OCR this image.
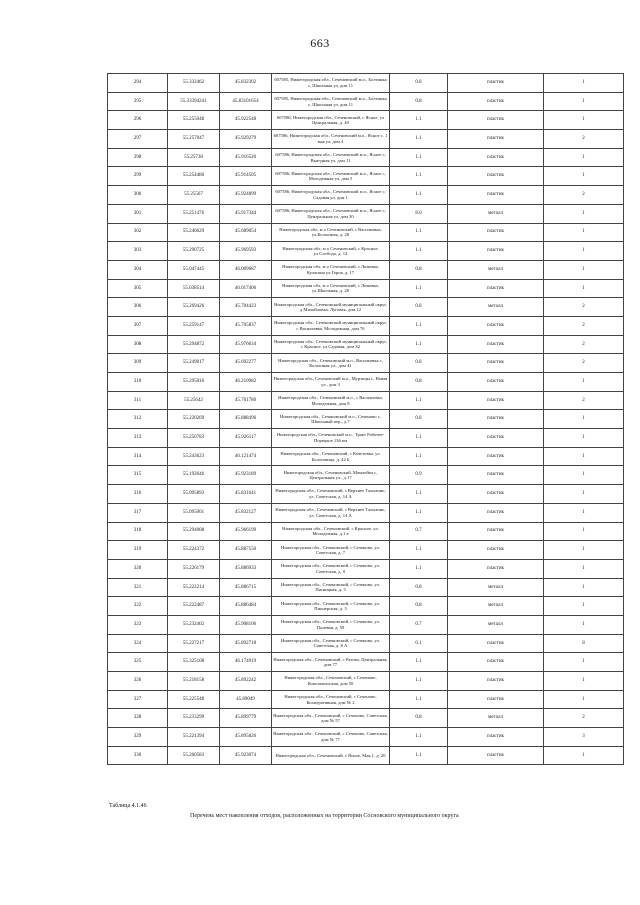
663
294	55.332462	45.832302	607585, Нижегородская обл., Сеченовский м.о., Болтинка с, Школьная ул, дом 11	0.8	пластик	1
295	55.33394241	45.83101654	607585, Нижегородская обл., Сеченовский м.о., Болтинка с, Школьная ул, дом 11	0.8	пластик	1
296	55.255048	45.922548	607586, Нижегородская обл., Сеченовский, с Ясное, ул Центральная, д. 40	1.1	пластик	1
297	55.257047	45.929279	607586, Нижегородская обл., Сеченовский м.о., Ясное с. 1 мая ул, дом 4	1.1	пластик	2
298	55.25738	45.916526	607586, Нижегородская обл., Сеченовский м.о., Ясное с, Выездная ул, дом 11	1.1	пластик	1
299	55.254486	45.914505	607586, Нижегородская обл., Сеченовский м.о., Ясное с, Молодежная ул, дом 5	1.1	пластик	1
300	55.25567	45.924899	607586, Нижегородская обл., Сеченовский м.о., Ясное с, Садовая ул, дом 1	1.1	пластик	2
301	55.251476	45.917344	607586, Нижегородская обл., Сеченовский м.о., Ясное с, Центральная ул, дом 30	8.0	металл	1
302	55.246629	45.689054	Нижегородская обл, м.о Сеченовский, с Васильевка, ул.Колхозная, д. 28	1.1	пластик	1
303	55.290725	45.969593	Нижегородская обл, м.о Сеченовский, с Красное, ул.Слобода, д. 14	1.1	пластик	1
304	55.047445	46.009687	Нижегородская обл, м.о Сеченовский, с Липовка, Кулагина ул Героя, д. 17	0.8	металл	1
305	55.038514	46.017406	Нижегородская обл, м.о Сеченовский, с Липовка, ул.Школьная, д. 28	1.1	пластик	1
306	55.269426	45.704423	Нижегородская обл., Сеченовский муниципальный округ, д Михайловка, Луговая, дом 12	0.8	металл	2
307	55.259147	45.705837	Нижегородская обл., Сеченовский муниципальный округ, с Васильевка, Молодежная, дом 76	1.1	пластик	2
308	55.294872	45.976634	Нижегородская обл., Сеченовский муниципальный округ, с Красное, ул.Садовая, дом 32	1.1	пластик	2
309	55.249017	45.692277	Нижегородская обл., Сеченовский м.о., Васильевка с, Колхозная ул., дом 41	0.8	пластик	2
310	55.295016	46.210982	Нижегородская обл., Сеченовский м.о., Мурзицы с, Новая ул., дом 3	0.8	пластик	1
311	55.25642	45.701780	Нижегородская обл., Сеченовский м.о., с Васильевка, Молодежная, дом 8	1.1	пластик	2
312	55.220269	45.888496	Нижегородская обл., Сеченовский м.о., Сеченово с, Школьный пер., д.7	0.8	пластик	1
313	55.250783	45.926117	Нижегородская обл., Сеченовский м.о., Тракт Рабочее-Порецкое 136 км	1.1	пластик	1
314	55.243623	46.121474	Нижегородская обл., Сеченовский, с Кочетовка, ул. Болотовица, д. 42 Б	1.1	пластик	1
315	55.192646	45.923189	Нижегородская обл., Сеченовский, Мамлейка с, Центральная ул., д.17	0.9	пластик	1
316	55.095893	45.831641	Нижегородская обл., Сеченовский, с Верхнее Талызино, ул. Советская, д. 14 А	1.1	пластик	1
317	55.095061	45.832127	Нижегородская обл., Сеченовский, с Верхнее Талызино, ул. Советская, д. 14 А	1.1	пластик	1
318	55.294008	45.966199	Нижегородская обл., Сеченовский, с Красное, ул. Молодежная, д.1 а	0.7	пластик	1
319	55.224372	45.887550	Нижегородская обл., Сеченовский, с Сеченово, ул. Советская, д. 7	1.1	пластик	1
320	55.226179	45.886933	Нижегородская обл., Сеченовский, с Сеченово, ул. Советская, д. 9	1.1	пластик	1
321	55.222214	45.886715	Нижегородская обл., Сеченовский, с Сеченово, ул. Пятницкая, д. 3	0.8	металл	1
322	55.222487	45.886484	Нижегородская обл., Сеченовский, с Сеченово, ул. Пионерская, д. 3	0.8	металл	1
323	55.232402	45.908106	Нижегородская обл., Сеченовский, с Сеченово, ул. Полевая, д. 59	0.7	металл	1
324	55.227217	45.892718	Нижегородская обл., Сеченовский, с Сеченово, ул. Советская, д. 8 А	0.1	пластик	8
325	55.325108	46.174919	Нижегородская обл., Сеченовский, с Ратово, Центральная, дом 77	1.1	пластик	1
326	55.218158	45.892242	Нижегородская обл., Сеченовский, с Сеченово, Комсомольская, дом 50	1.1	пластик	1
327	55.225548	45.89049	Нижегородская обл., Сеченовский, с Сеченово, Кооперативная, дом № 2	1.1	пластик	1
328	55.233299	45.899779	Нижегородская обл., Сеченовский, с Сеченово, Советская, дом № 57	0.8	металл	2
329	55.221394	45.895826	Нижегородская обл., Сеченовский, с Сеченово, Советская, дом № 77	1.1	пластик	3
330	55.260583	45.923074	Нижегородская обл., Сеченовский, с Ясное, Мая 1, д. 20	1.1	пластик	1
Таблица 4.1.46
Перечень мест накопления отходов, расположенных на территории Сосновского муниципального округа
